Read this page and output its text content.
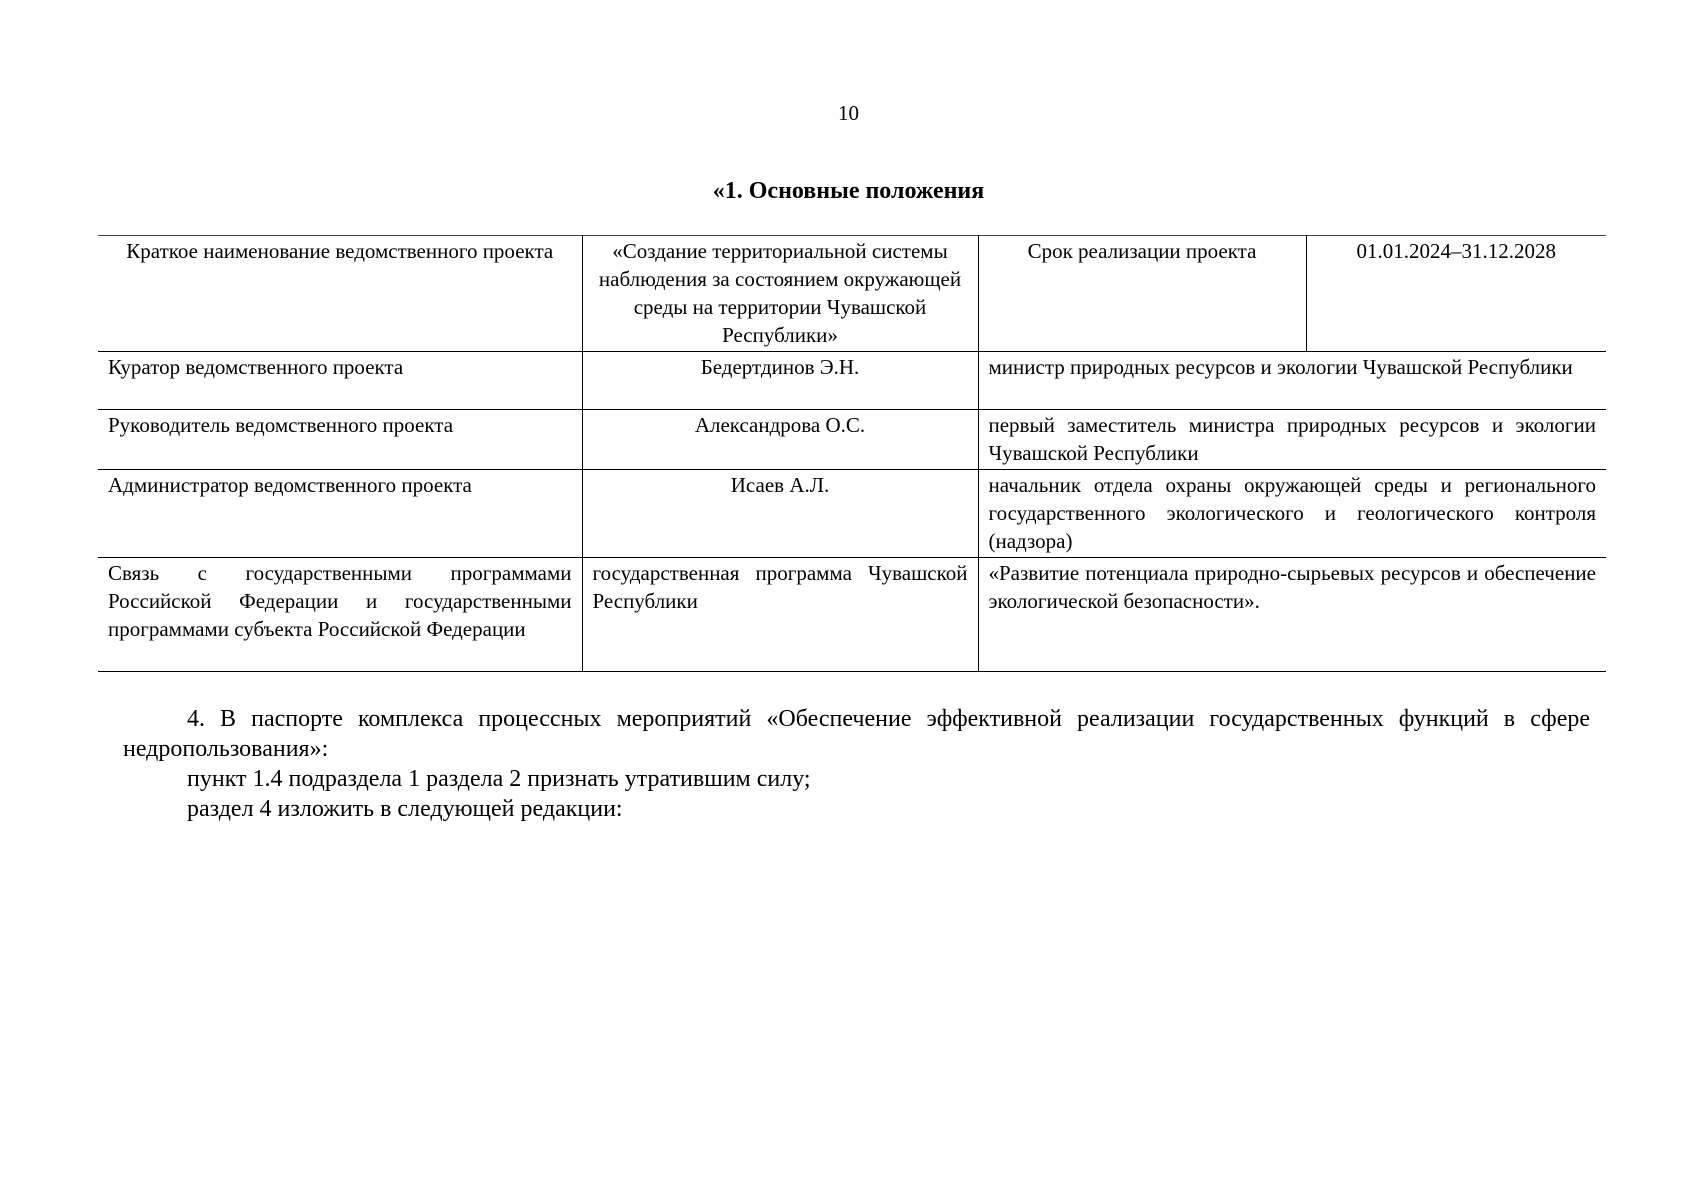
10
«1. Основные положения
Краткое наименование ведомственного проекта	«Создание территориальной системы наблюдения за состоянием окружающей среды на территории Чувашской Республики»	Срок реализации проекта	01.01.2024–31.12.2028
Куратор ведомственного проекта	Бедертдинов Э.Н.	министр природных ресурсов и экологии Чувашской Республики	
Руководитель ведомственного проекта	Александрова О.С.	первый заместитель министра природных ресурсов и экологии Чувашской Республики	
Администратор ведомственного проекта	Исаев А.Л.	начальник отдела охраны окружающей среды и регионального государственного экологического и геологического контроля (надзора)	
Связь с государственными программами Российской Федерации и государственными программами субъекта Российской Федерации	государственная программа Чувашской Республики	«Развитие потенциала природно-сырьевых ресурсов и обеспечение экологической безопасности».	

4. В паспорте комплекса процессных мероприятий «Обеспечение эффективной реализации государственных функций в сфере недропользования»:

пункт 1.4 подраздела 1 раздела 2 признать утратившим силу;

раздел 4 изложить в следующей редакции:
